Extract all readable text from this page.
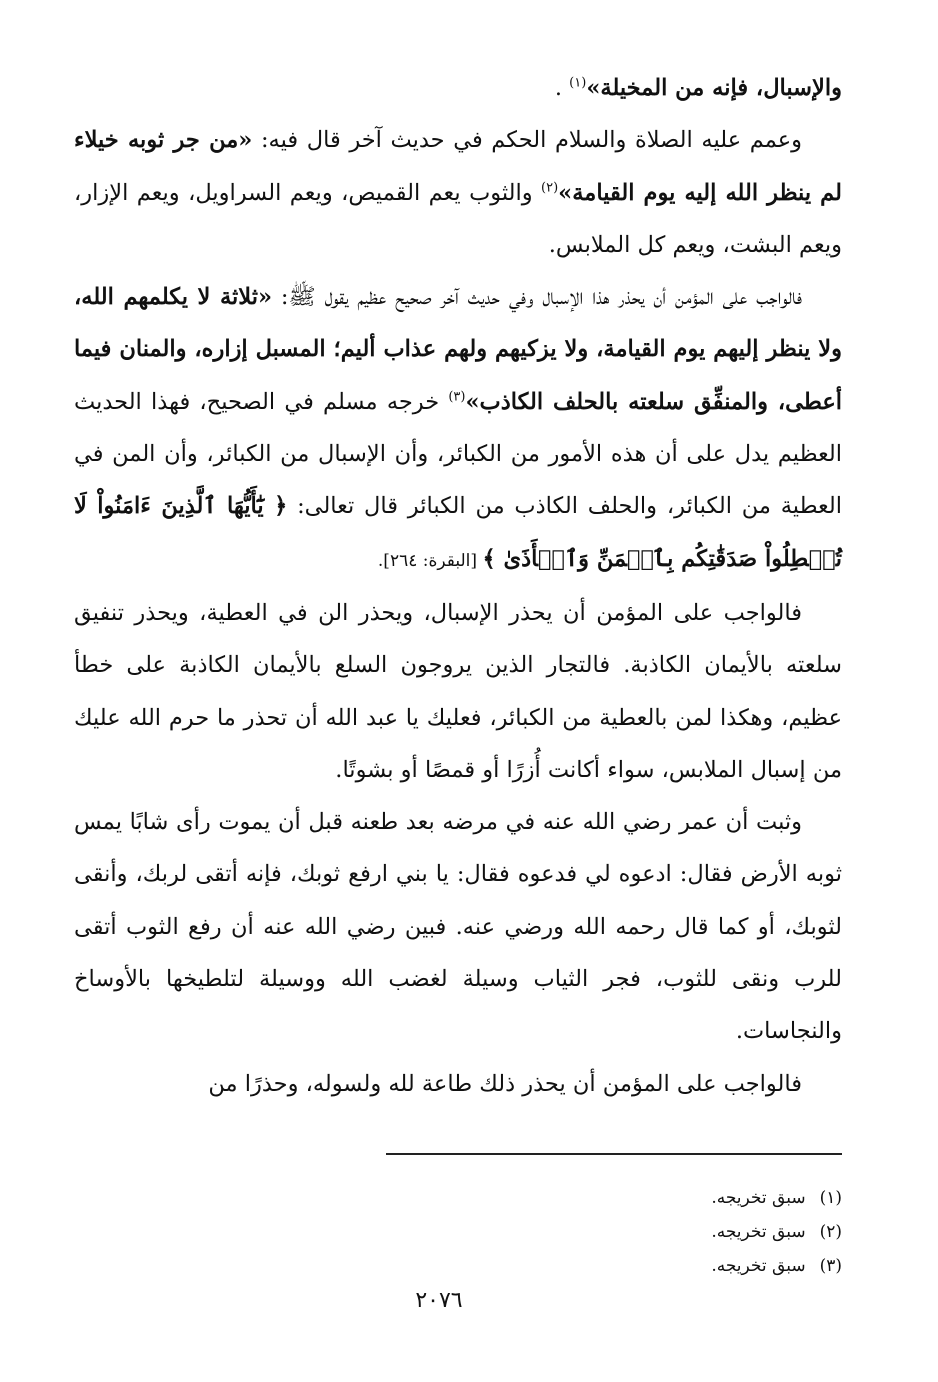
والإسبال، فإنه من المخيلة»$^{(١)}$ .

وعمم عليه الصلاة والسلام الحكم في حديث آخر قال فيه: «من جر ثوبه خيلاء لم ينظر الله إليه يوم القيامة»$^{(٢)}$ والثوب يعم القميص، ويعم السراويل، ويعم الإزار، ويعم البشت، ويعم كل الملابس.

فالواجب على المؤمن أن يحذر هذا الإسبال وفي حديث آخر صحيح عظيم يقول ﷺ: «ثلاثة لا يكلمهم الله، ولا ينظر إليهم يوم القيامة، ولا يزكيهم ولهم عذاب أليم؛ المسبل إزاره، والمنان فيما أعطى، والمنفِّق سلعته بالحلف الكاذب»$^{(٣)}$ خرجه مسلم في الصحيح، فهذا الحديث العظيم يدل على أن هذه الأمور من الكبائر، وأن الإسبال من الكبائر، وأن المن في العطية من الكبائر، والحلف الكاذب من الكبائر قال تعالى: ﴿ يَٰٓأَيُّهَا ٱلَّذِينَ ءَامَنُواْ لَا تُبۡطِلُواْ صَدَقَٰتِكُم بِٱلۡمَنِّ وَٱلۡأَذَىٰ ﴾ [البقرة: ٢٦٤].

فالواجب على المؤمن أن يحذر الإسبال، ويحذر الن في العطية، ويحذر تنفيق سلعته بالأيمان الكاذبة. فالتجار الذين يروجون السلع بالأيمان الكاذبة على خطأ عظيم، وهكذا لمن بالعطية من الكبائر، فعليك يا عبد الله أن تحذر ما حرم الله عليك من إسبال الملابس، سواء أكانت أُزرًا أو قمصًا أو بشوتًا.

وثبت أن عمر رضي الله عنه في مرضه بعد طعنه قبل أن يموت رأى شابًا يمس ثوبه الأرض فقال: ادعوه لي فدعوه فقال: يا بني ارفع ثوبك، فإنه أتقى لربك، وأنقى لثوبك، أو كما قال رحمه الله ورضي عنه. فبين رضي الله عنه أن رفع الثوب أتقى للرب ونقى للثوب، فجر الثياب وسيلة لغضب الله ووسيلة لتلطيخها بالأوساخ والنجاسات.

فالواجب على المؤمن أن يحذر ذلك طاعة لله ولسوله، وحذرًا من

(١)سبق تخريجه.
(٢)سبق تخريجه.
(٣)سبق تخريجه.
٢٠٧٦
